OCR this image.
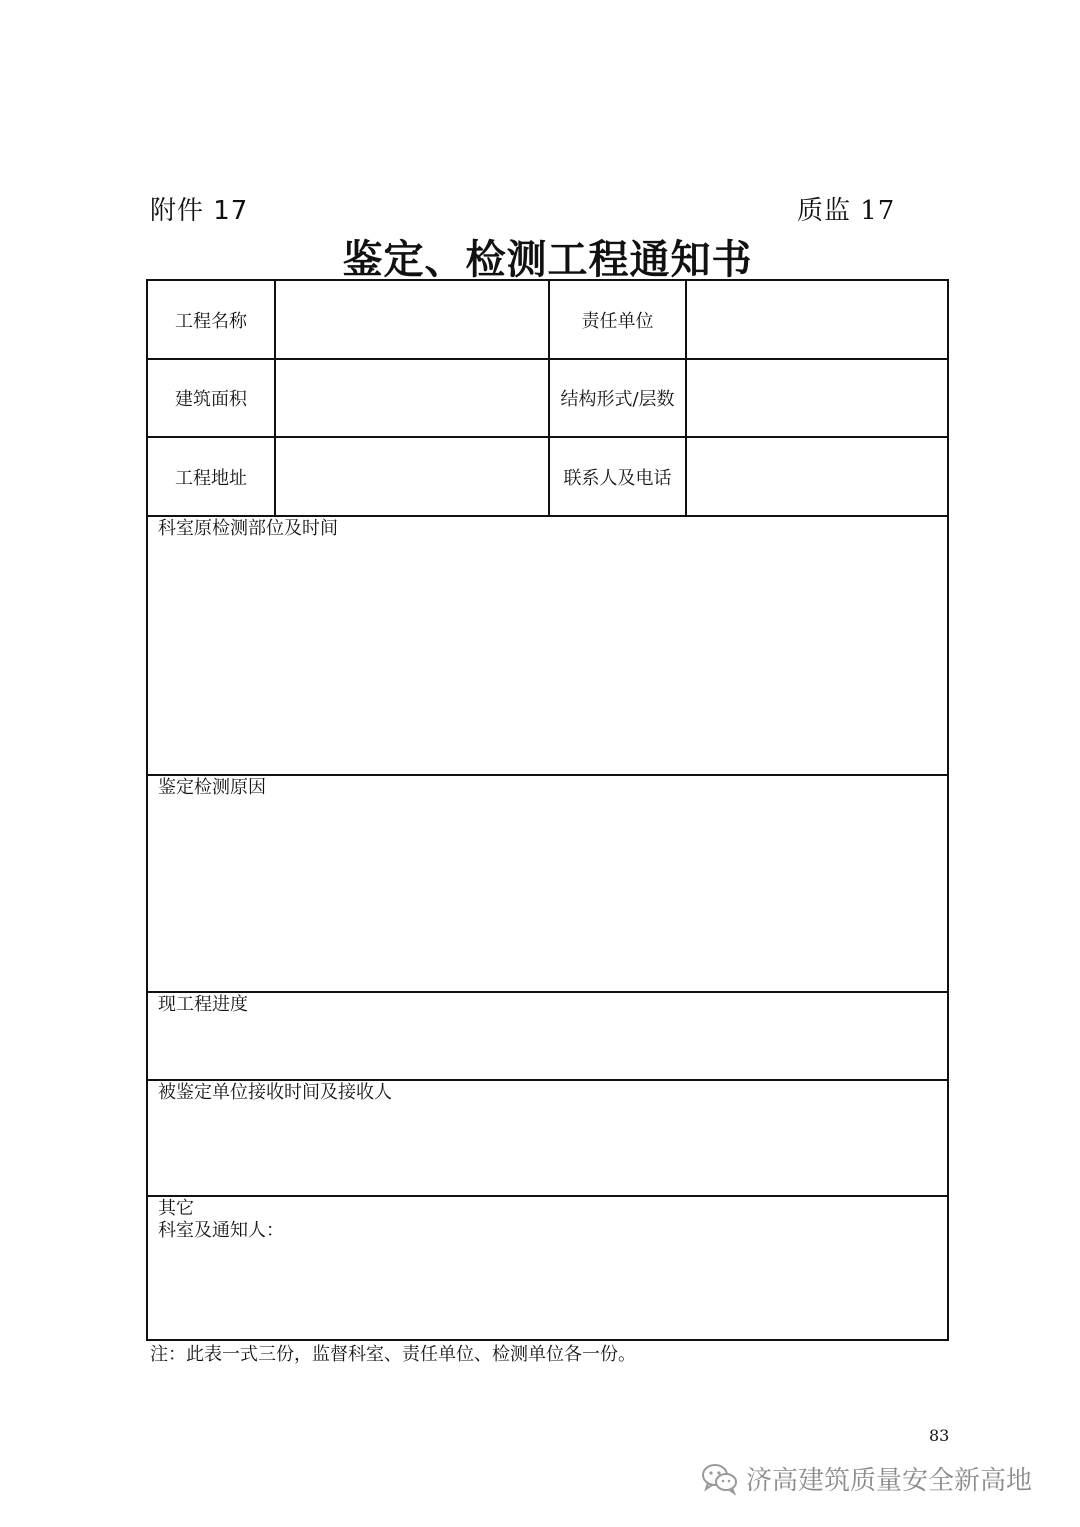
附件 17	质监 17
鉴定、检测工程通知书
工程名称	责任单位
建筑面积	结构形式/层数
工程地址	联系人及电话
科室原检测部位及时间
鉴定检测原因
现工程进度
被鉴定单位接收时间及接收人
其它
科室及通知人：
注：此表一式三份，监督科室、责任单位、检测单位各一份。
83
济高建筑质量安全新高地
